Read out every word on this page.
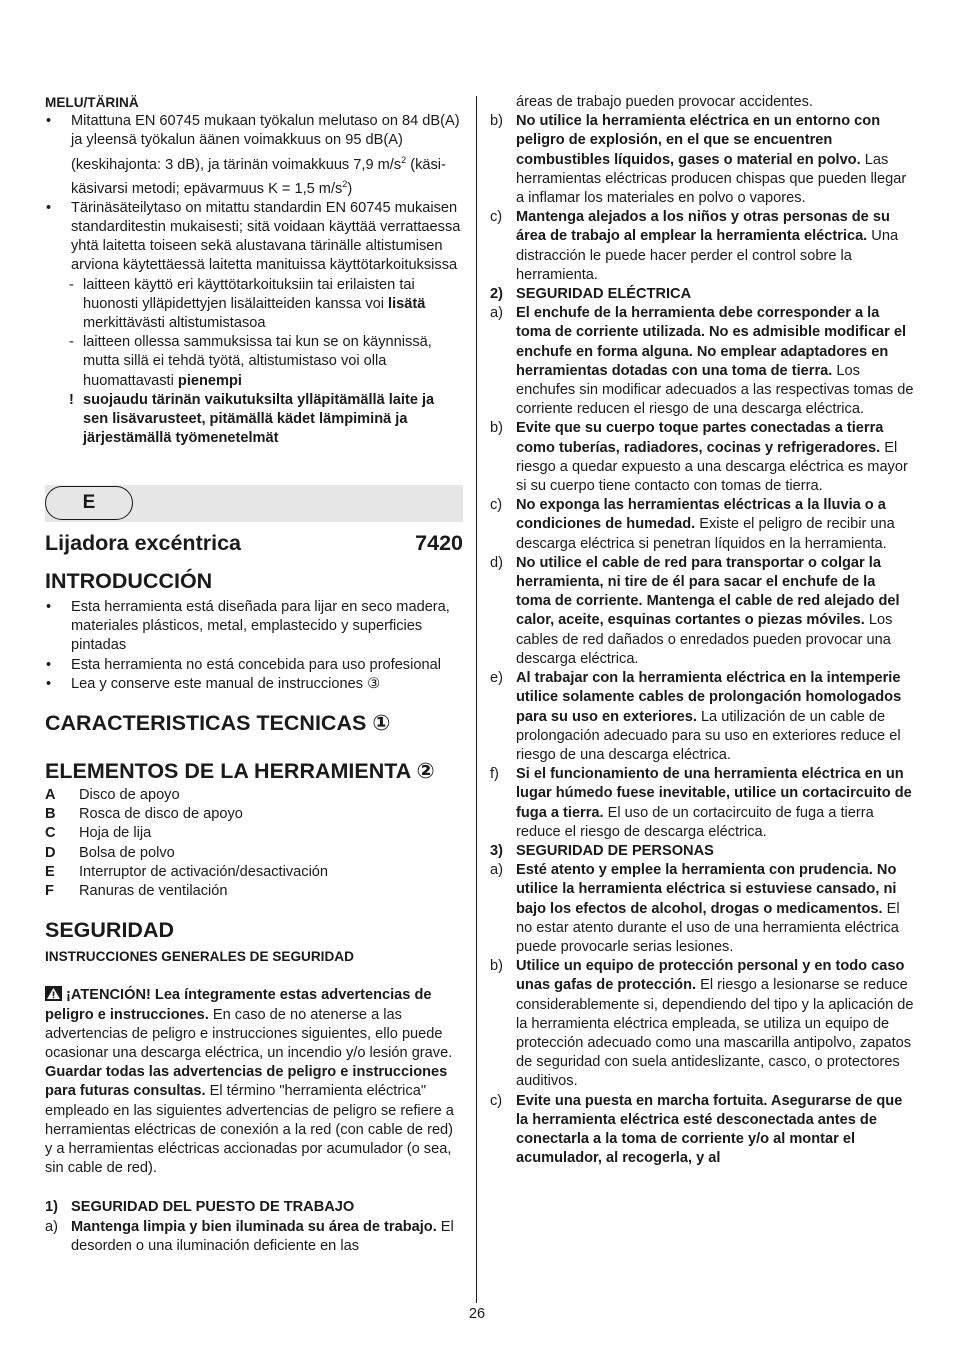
MELU/TÄRINÄ
• Mitattuna EN 60745 mukaan työkalun melutaso on 84 dB(A) ja yleensä työkalun äänen voimakkuus on 95 dB(A) (keskihajonta: 3 dB), ja tärinän voimakkuus 7,9 $m/s^2$ (käsi-käsivarsi metodi; epävarmuus K = 1,5 $m/s^2$)
• Tärinäsäteilytaso on mitattu standardin EN 60745 mukaisen standarditestin mukaisesti; sitä voidaan käyttää verrattaessa yhtä laitetta toiseen sekä alustavana tärinälle altistumisen arviona käytettäessä laitetta manituissa käyttötarkoituksissa
- laitteen käyttö eri käyttötarkoituksiin tai erilaisten tai huonosti ylläpidettyjen lisälaitteiden kanssa voi lisätä merkittävästi altistumistasoa
- laitteen ollessa sammuksissa tai kun se on käynnissä, mutta sillä ei tehdä työtä, altistumistaso voi olla huomattavasti pienempi
! suojaudu tärinän vaikutuksilta ylläpitämällä laite ja sen lisävarusteet, pitämällä kädet lämpiminä ja järjestämällä työmenetelmät
E
Lijadora excéntrica	7420
INTRODUCCIÓN
• Esta herramienta está diseñada para lijar en seco madera, materiales plásticos, metal, emplastecido y superficies pintadas
• Esta herramienta no está concebida para uso profesional
• Lea y conserve este manual de instrucciones ③
CARACTERISTICAS TECNICAS ①
ELEMENTOS DE LA HERRAMIENTA ②
A Disco de apoyo
B Rosca de disco de apoyo
C Hoja de lija
D Bolsa de polvo
E Interruptor de activación/desactivación
F Ranuras de ventilación
SEGURIDAD
INSTRUCCIONES GENERALES DE SEGURIDAD
¡ATENCIÓN! Lea íntegramente estas advertencias de peligro e instrucciones. En caso de no atenerse a las advertencias de peligro e instrucciones siguientes, ello puede ocasionar una descarga eléctrica, un incendio y/o lesión grave. Guardar todas las advertencias de peligro e instrucciones para futuras consultas. El término "herramienta eléctrica" empleado en las siguientes advertencias de peligro se refiere a herramientas eléctricas de conexión a la red (con cable de red) y a herramientas eléctricas accionadas por acumulador (o sea, sin cable de red).
1) SEGURIDAD DEL PUESTO DE TRABAJO
a) Mantenga limpia y bien iluminada su área de trabajo. El desorden o una iluminación deficiente en las
áreas de trabajo pueden provocar accidentes.
b) No utilice la herramienta eléctrica en un entorno con peligro de explosión, en el que se encuentren combustibles líquidos, gases o material en polvo. Las herramientas eléctricas producen chispas que pueden llegar a inflamar los materiales en polvo o vapores.
c) Mantenga alejados a los niños y otras personas de su área de trabajo al emplear la herramienta eléctrica. Una distracción le puede hacer perder el control sobre la herramienta.
2) SEGURIDAD ELÉCTRICA
a) El enchufe de la herramienta debe corresponder a la toma de corriente utilizada. No es admisible modificar el enchufe en forma alguna. No emplear adaptadores en herramientas dotadas con una toma de tierra. Los enchufes sin modificar adecuados a las respectivas tomas de corriente reducen el riesgo de una descarga eléctrica.
b) Evite que su cuerpo toque partes conectadas a tierra como tuberías, radiadores, cocinas y refrigeradores. El riesgo a quedar expuesto a una descarga eléctrica es mayor si su cuerpo tiene contacto con tomas de tierra.
c) No exponga las herramientas eléctricas a la lluvia o a condiciones de humedad. Existe el peligro de recibir una descarga eléctrica si penetran líquidos en la herramienta.
d) No utilice el cable de red para transportar o colgar la herramienta, ni tire de él para sacar el enchufe de la toma de corriente. Mantenga el cable de red alejado del calor, aceite, esquinas cortantes o piezas móviles. Los cables de red dañados o enredados pueden provocar una descarga eléctrica.
e) Al trabajar con la herramienta eléctrica en la intemperie utilice solamente cables de prolongación homologados para su uso en exteriores. La utilización de un cable de prolongación adecuado para su uso en exteriores reduce el riesgo de una descarga eléctrica.
f) Si el funcionamiento de una herramienta eléctrica en un lugar húmedo fuese inevitable, utilice un cortacircuito de fuga a tierra. El uso de un cortacircuito de fuga a tierra reduce el riesgo de descarga eléctrica.
3) SEGURIDAD DE PERSONAS
a) Esté atento y emplee la herramienta con prudencia. No utilice la herramienta eléctrica si estuviese cansado, ni bajo los efectos de alcohol, drogas o medicamentos. El no estar atento durante el uso de una herramienta eléctrica puede provocarle serias lesiones.
b) Utilice un equipo de protección personal y en todo caso unas gafas de protección. El riesgo a lesionarse se reduce considerablemente si, dependiendo del tipo y la aplicación de la herramienta eléctrica empleada, se utiliza un equipo de protección adecuado como una mascarilla antipolvo, zapatos de seguridad con suela antideslizante, casco, o protectores auditivos.
c) Evite una puesta en marcha fortuita. Asegurarse de que la herramienta eléctrica esté desconectada antes de conectarla a la toma de corriente y/o al montar el acumulador, al recogerla, y al
26
